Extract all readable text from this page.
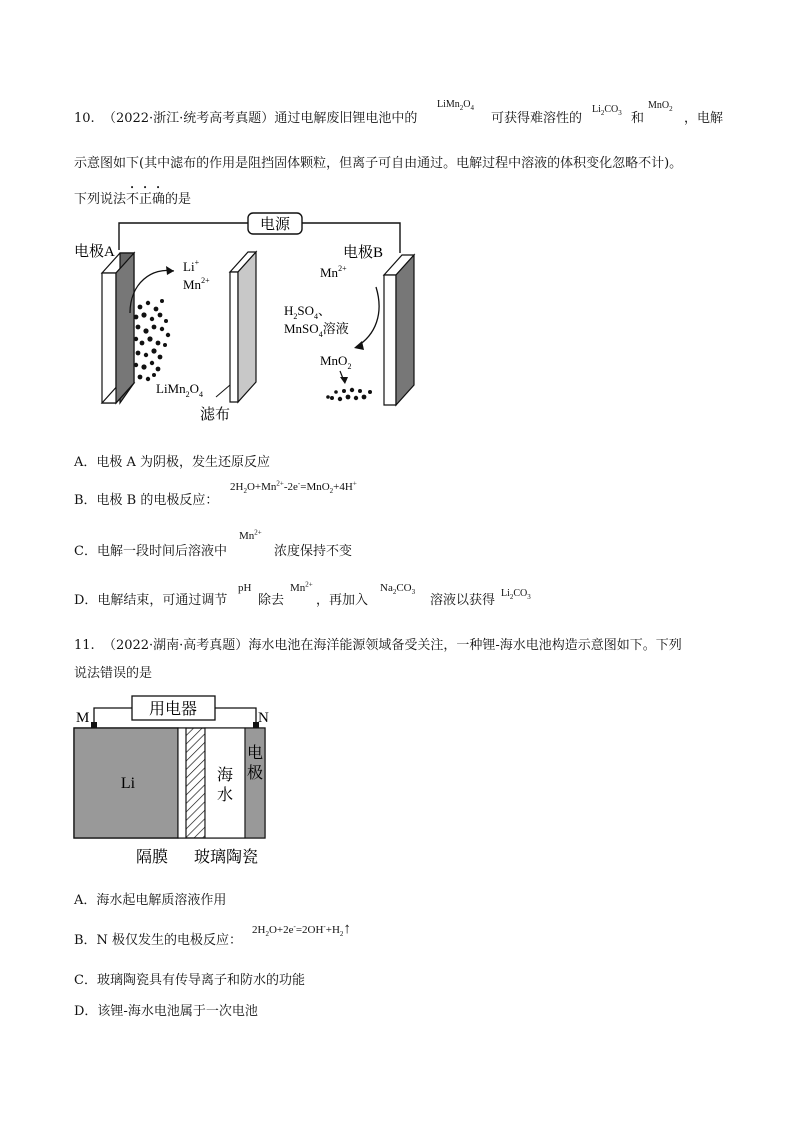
10. （2022·浙江·统考高考真题）通过电解废旧锂电池中的
$LiMn_2O_4$
可获得难溶性的
$Li_2CO_3$ 和
MnO$_2$
，电解
示意图如下(其中滤布的作用是阻挡固体颗粒，但离子可自由通过。电解过程中溶液的体积变化忽略不计)。
下列说法不正确的是
电源
电极A	电极B
Li+
$Mn^{2+}$
$LiMn_2O_4$
滤布
$Mn^{2+}$
$H_2SO_4$、
MnSO$_4$溶液
MnO$_2$
A．电极 A 为阴极，发生还原反应
B．电极 B 的电极反应：
$2H_2O+Mn^{2+}-2e^-=MnO_2+4H^+$
C．电解一段时间后溶液中
$Mn^{2+}$
浓度保持不变
D．电解结束，可通过调节
pH
除去
$Mn^{2+}$
，再加入
$Na_2CO_3$
溶液以获得 $Li_2CO_3$
11. （2022·湖南·高考真题）海水电池在海洋能源领域备受关注，一种锂-海水电池构造示意图如下。下列
说法错误的是
用电器
M	N
Li	海
水
电
极
隔膜 玻璃陶瓷
A．海水起电解质溶液作用
B．N 极仅发生的电极反应：
$2H_2O+2e^-=2OH^-+H_2↑$
C．玻璃陶瓷具有传导离子和防水的功能
D．该锂-海水电池属于一次电池
